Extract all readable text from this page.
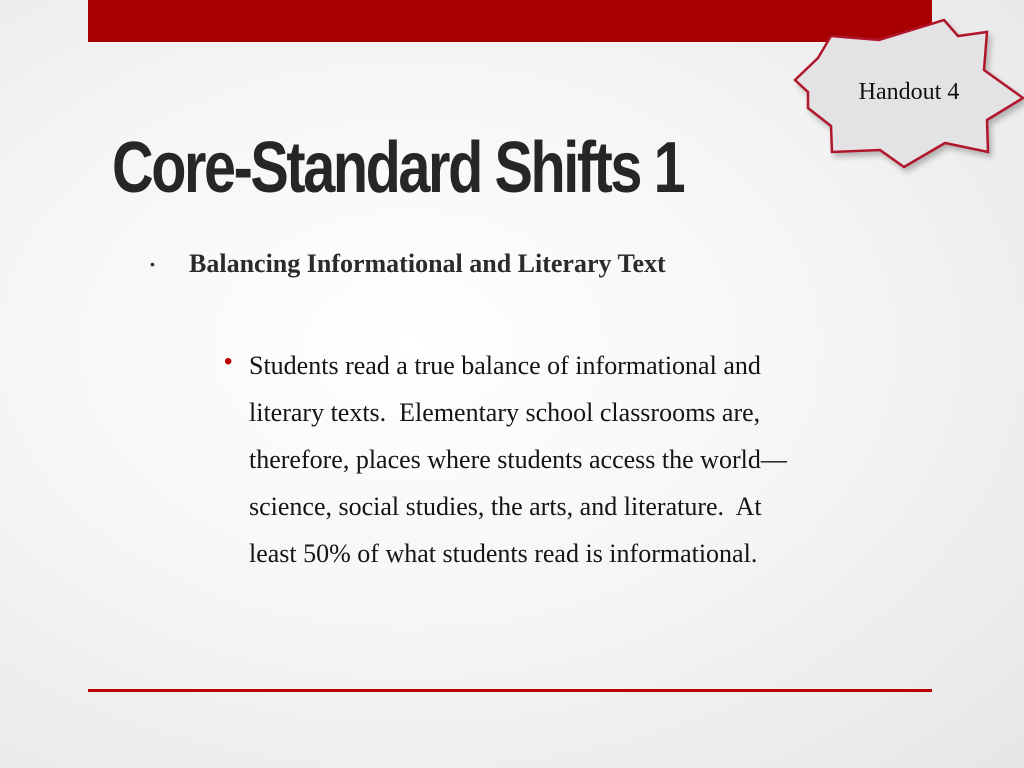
Handout 4
Core-Standard Shifts 1
• Balancing Informational and Literary Text
• Students read a true balance of informational and
literary texts.  Elementary school classrooms are,
therefore, places where students access the world—
science, social studies, the arts, and literature.  At
least 50% of what students read is informational.
